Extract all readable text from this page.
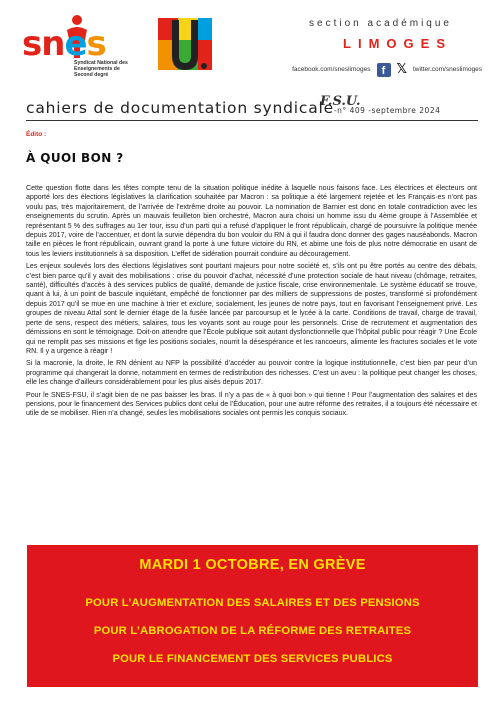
snes
Syndicat National des Enseignements de Second degré
F.S.U.
section académique
LIMOGES
facebook.com/sneslimoges	f 𝕏 twitter.com/sneslimoges
cahiers de documentation syndicale-n° 409 -septembre 2024
Édito :
À QUOI BON ?

Cette question flotte dans les têtes compte tenu de la situation politique inédite à laquelle nous faisons face. Les électrices et électeurs ont apporté lors des élections législatives la clarification souhaitée par Macron : sa politique a été largement rejetée et les Français·es n’ont pas voulu pas, très majoritairement, de l’arrivée de l’extrême droite au pouvoir. La nomination de Barnier est donc en totale contradiction avec les enseignements du scrutin. Après un mauvais feuilleton bien orchestré, Macron aura choisi un homme issu du 4ème groupe à l’Assemblée et représentant 5 % des suffrages au 1er tour, issu d’un parti qui a refusé d’appliquer le front républicain, chargé de poursuivre la politique menée depuis 2017, voire de l’accentuer, et dont la survie dépendra du bon vouloir du RN à qui il faudra donc donner des gages nauséabonds. Macron taille en pièces le front républicain, ouvrant grand la porte à une future victoire du RN, et abime une fois de plus notre démocratie en usant de tous les leviers institutionnels à sa disposition. L’effet de sidération pourrait conduire au découragement.

Les enjeux soulevés lors des élections législatives sont pourtant majeurs pour notre société et, s’ils ont pu être portés au centre des débats, c’est bien parce qu’il y avait des mobilisations : crise du pouvoir d’achat, nécessité d’une protection sociale de haut niveau (chômage, retraites, santé), difficultés d’accès à des services publics de qualité, demande de justice fiscale, crise environnementale. Le système éducatif se trouve, quant à lui, à un point de bascule inquiétant, empêché de fonctionner par des milliers de suppressions de postes, transformé si profondément depuis 2017 qu’il se mue en une machine à trier et exclure, socialement, les jeunes de notre pays, tout en favorisant l’enseignement privé. Les groupes de niveau Attal sont le dernier étage de la fusée lancée par parcoursup et le lycée à la carte. Conditions de travail, charge de travail, perte de sens, respect des métiers, salaires, tous les voyants sont au rouge pour les personnels. Crise de recrutement et augmentation des démissions en sont le témoignage. Doit-on attendre que l’École publique soit autant dysfonctionnelle que l’hôpital public pour réagir ? Une École qui ne remplit pas ses missions et fige les positions sociales, nourrit la désespérance et les rancoeurs, alimente les fractures sociales et le vote RN. Il y a urgence à réagir !

Si la macronie, la droite, le RN dénient au NFP la possibilité d’accéder au pouvoir contre la logique institutionnelle, c’est bien par peur d’un programme qui changerait la donne, notamment en termes de redistribution des richesses. C’est un aveu : la politique peut changer les choses, elle les change d’ailleurs considérablement pour les plus aisés depuis 2017.

Pour le SNES-FSU, il s’agit bien de ne pas baisser les bras. Il n’y a pas de « à quoi bon » qui tienne ! Pour l’augmentation des salaires et des pensions, pour le financement des Services publics dont celui de l’Éducation, pour une autre réforme des retraites, il a toujours été nécessaire et utile de se mobiliser. Rien n’a changé, seules les mobilisations sociales ont permis les conquis sociaux.

MARDI 1 OCTOBRE, EN GRÈVE
POUR L’AUGMENTATION DES SALAIRES ET DES PENSIONS
POUR L’ABROGATION DE LA RÉFORME DES RETRAITES
POUR LE FINANCEMENT DES SERVICES PUBLICS
